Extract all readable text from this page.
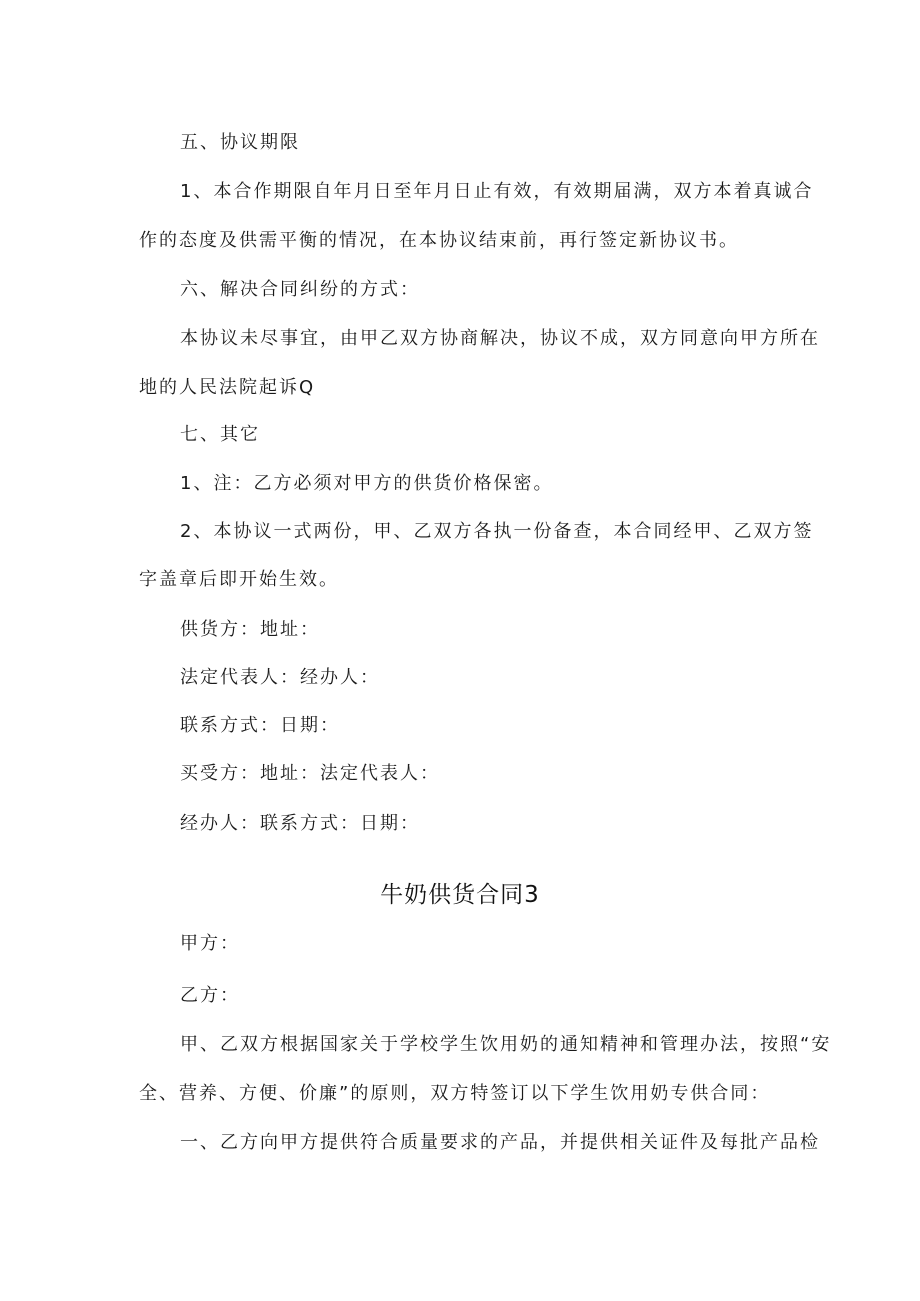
五、协议期限
1、本合作期限自年月日至年月日止有效，有效期届满，双方本着真诚合
作的态度及供需平衡的情况，在本协议结束前，再行签定新协议书。
六、解决合同纠纷的方式：
本协议未尽事宜，由甲乙双方协商解决，协议不成，双方同意向甲方所在
地的人民法院起诉Q
七、其它
1、注：乙方必须对甲方的供货价格保密。
2、本协议一式两份，甲、乙双方各执一份备查，本合同经甲、乙双方签
字盖章后即开始生效。
供货方：地址：
法定代表人：经办人：
联系方式：日期：
买受方：地址：法定代表人：
经办人：联系方式：日期：
牛奶供货合同3
甲方：
乙方：
甲、乙双方根据国家关于学校学生饮用奶的通知精神和管理办法，按照“安
全、营养、方便、价廉”的原则，双方特签订以下学生饮用奶专供合同：
一、乙方向甲方提供符合质量要求的产品，并提供相关证件及每批产品检
